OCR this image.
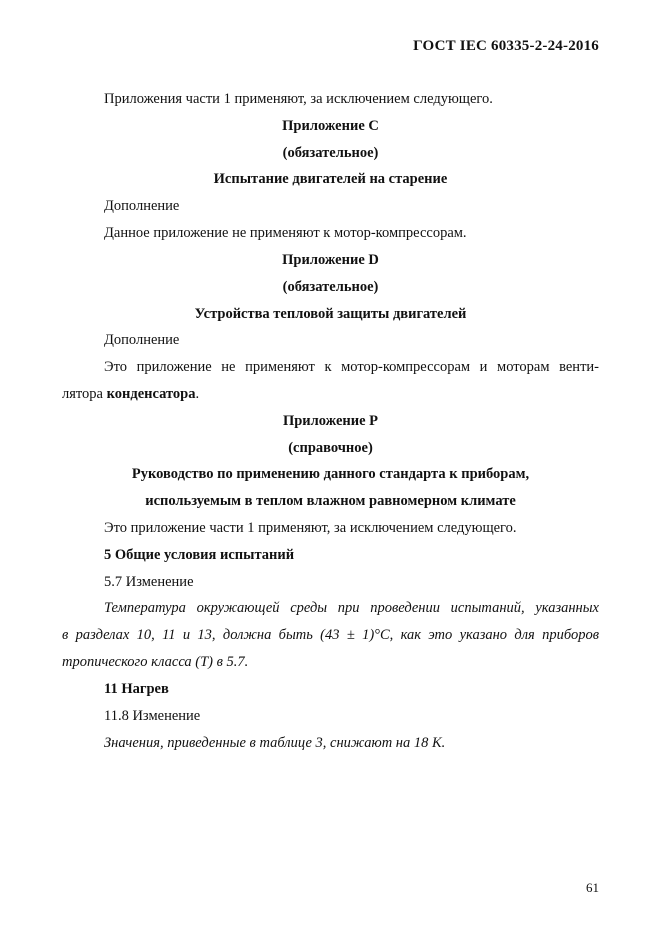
ГОСТ IEC 60335-2-24-2016
Приложения части 1 применяют, за исключением следующего.
Приложение C
(обязательное)
Испытание двигателей на старение
Дополнение
Данное приложение не применяют к мотор-компрессорам.
Приложение D
(обязательное)
Устройства тепловой защиты двигателей
Дополнение
Это приложение не применяют к мотор-компрессорам и моторам венти-
лятора конденсатора.
Приложение P
(справочное)
Руководство по применению данного стандарта к приборам,
используемым в теплом влажном равномерном климате
Это приложение части 1 применяют, за исключением следующего.
5 Общие условия испытаний
5.7 Изменение
Температура окружающей среды при проведении испытаний, указанных
в разделах 10, 11 и 13, должна быть (43 ± 1)°С, как это указано для приборов
тропического класса (Т) в 5.7.
11 Нагрев
11.8 Изменение
Значения, приведенные в таблице 3, снижают на 18 К.
61
